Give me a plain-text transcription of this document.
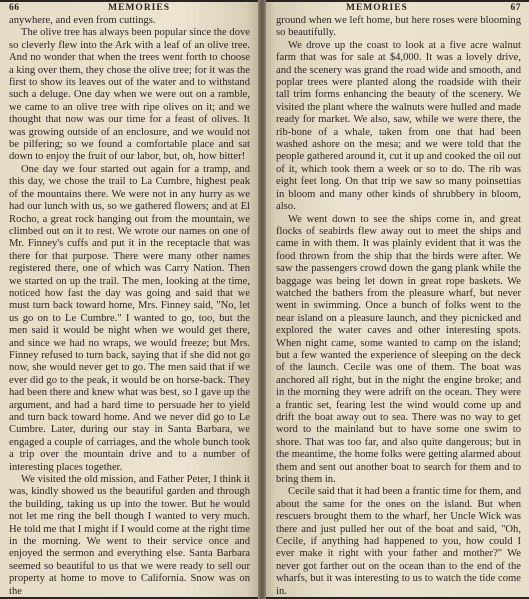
66	MEMORIES

anywhere, and even from cuttings.

The olive tree has always been popular since the dove so cleverly flew into the Ark with a leaf of an olive tree. And no wonder that when the trees went forth to choose a king over them, they chose the olive tree; for it was the first to show its leaves out of the water and to withstand such a deluge. One day when we were out on a ramble, we came to an olive tree with ripe olives on it; and we thought that now was our time for a feast of olives. It was growing outside of an enclosure, and we would not be pilfering; so we found a comfortable place and sat down to enjoy the fruit of our labor, but, oh, how bitter!

One day we four started out again for a tramp, and this day, we chose the trail to La Cumbre, highest peak of the mountains there. We were not in any hurry as we had our lunch with us, so we gathered flowers; and at El Rocho, a great rock hanging out from the mountain, we climbed out on it to rest. We wrote our names on one of Mr. Finney's cuffs and put it in the receptacle that was there for that purpose. There were many other names registered there, one of which was Carry Nation. Then we started on up the trail. The men, looking at the time, noticed how fast the day was going and said that we must turn back toward home, Mrs. Finney said, "No, let us go on to Le Cumbre." I wanted to go, too, but the men said it would be night when we would get there, and since we had no wraps, we would freeze; but Mrs. Finney refused to turn back, saying that if she did not go now, she would never get to go. The men said that if we ever did go to the peak, it would be on horse-back. They had been there and knew what was best, so I gave up the argument, and had a hard time to persuade her to yield and turn back toward home. And we never did go to Le Cumbre. Later, during our stay in Santa Barbara, we engaged a couple of carriages, and the whole bunch took a trip over the mountain drive and to a number of interesting places together.

We visited the old mission, and Father Peter, I think it was, kindly showed us the beautiful garden and through the building, taking us up into the tower. But he would not let me ring the bell though I wanted to very much. He told me that I might if I would come at the right time in the morning. We went to their service once and enjoyed the sermon and everything else. Santa Barbara seemed so beautiful to us that we were ready to sell our property at home to move to California. Snow was on the

MEMORIES	67

ground when we left home, but here roses were blooming so beautifully.

We drove up the coast to look at a five acre walnut farm that was for sale at $4,000. It was a lovely drive, and the scenery was grand the road wide and smooth, and poplar trees were planted along the roadside with their tall trim forms enhancing the beauty of the scenery. We visited the plant where the walnuts were hulled and made ready for market. We also, saw, while we were there, the rib-bone of a whale, taken from one that had been washed ashore on the mesa; and we were told that the people gathered around it, cut it up and cooked the oil out of it, which took them a week or so to do. The rib was eight feet long. On that trip we saw so many poinsettias in bloom and many other kinds of shrubbery in bloom, also.

We went down to see the ships come in, and great flocks of seabirds flew away out to meet the ships and came in with them. It was plainly evident that it was the food thrown from the ship that the birds were after. We saw the passengers crowd down the gang plank while the baggage was being let down in great rope baskets. We watched the bathers from the pleasure wharf, but never went in swimming. Once a bunch of folks went to the near island on a pleasure launch, and they picnicked and explored the water caves and other interesting spots. When night came, some wanted to camp on the island; but a few wanted the experience of sleeping on the deck of the launch. Cecile was one of them. The boat was anchored all right, but in the night the engine broke; and in the morning they were adrift on the ocean. They were a frantic set, fearing lest the wind would come up and drift the boat away out to sea. There was no way to get word to the mainland but to have some one swim to shore. That was too far, and also quite dangerous; but in the meantime, the home folks were getting alarmed about them and sent out another boat to search for them and to bring them in.

Cecile said that it had been a frantic time for them, and about the same for the ones on the island. But when rescuers brought them to the wharf, her Uncle Wick was there and just pulled her out of the boat and said, "Oh, Cecile, if anything had happened to you, how could I ever make it right with your father and mother?" We never got farther out on the ocean than to the end of the wharfs, but it was interesting to us to watch the tide come in.
